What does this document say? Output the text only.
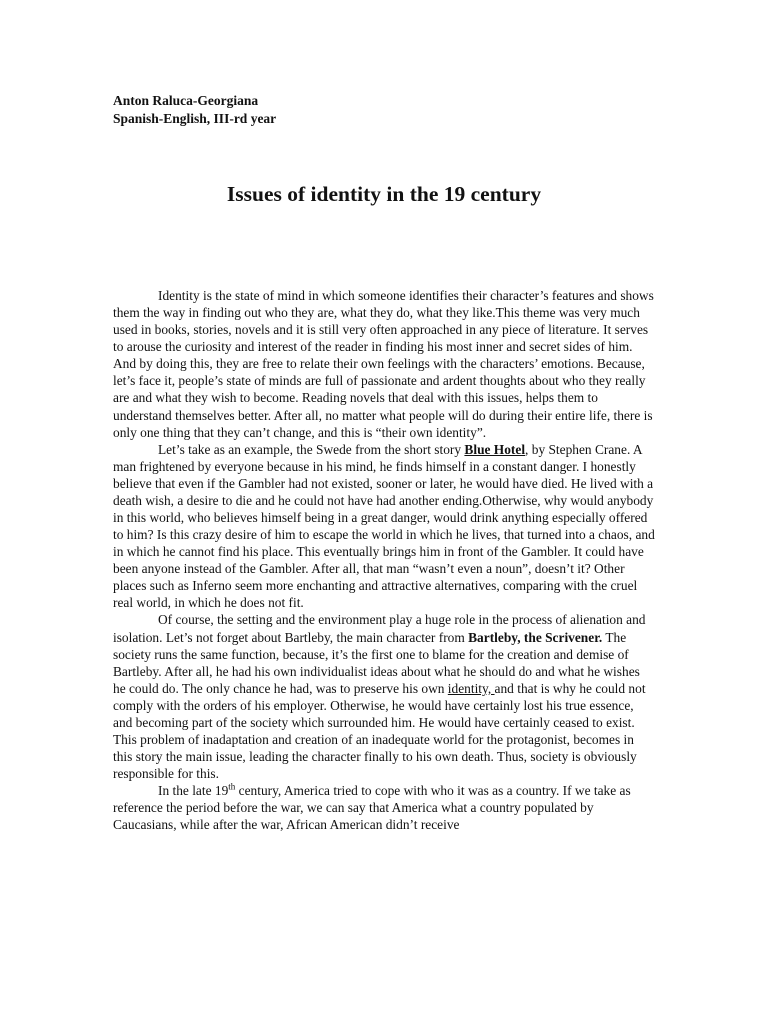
Anton Raluca-Georgiana
Spanish-English, III-rd year
Issues of identity in the 19 century

Identity is the state of mind in which someone identifies their character’s features and shows them the way in finding out who they are, what they do, what they like.This theme was very much used in books, stories, novels and it is still very often approached in any piece of literature. It serves to arouse the curiosity and interest of the reader in finding his most inner and secret sides of him. And by doing this, they are free to relate their own feelings with the characters’ emotions. Because, let’s face it, people’s state of minds are full of passionate and ardent thoughts about who they really are and what they wish to become. Reading novels that deal with this issues, helps them to understand themselves better. After all, no matter what people will do during their entire life, there is only one thing that they can’t change, and this is “their own identity”.

Let’s take as an example, the Swede from the short story Blue Hotel, by Stephen Crane. A man frightened by everyone because in his mind, he finds himself in a constant danger. I honestly believe that even if the Gambler had not existed, sooner or later, he would have died. He lived with a death wish, a desire to die and he could not have had another ending.Otherwise, why would anybody in this world, who believes himself being in a great danger, would drink anything especially offered to him? Is this crazy desire of him to escape the world in which he lives, that turned into a chaos, and in which he cannot find his place. This eventually brings him in front of the Gambler. It could have been anyone instead of the Gambler. After all, that man “wasn’t even a noun”, doesn’t it? Other places such as Inferno seem more enchanting and attractive alternatives, comparing with the cruel real world, in which he does not fit.

Of course, the setting and the environment play a huge role in the process of alienation and isolation. Let’s not forget about Bartleby, the main character from Bartleby, the Scrivener. The society runs the same function, because, it’s the first one to blame for the creation and demise of Bartleby. After all, he had his own individualist ideas about what he should do and what he wishes he could do. The only chance he had, was to preserve his own identity, and that is why he could not comply with the orders of his employer. Otherwise, he would have certainly lost his true essence, and becoming part of the society which surrounded him. He would have certainly ceased to exist. This problem of inadaptation and creation of an inadequate world for the protagonist, becomes in this story the main issue, leading the character finally to his own death. Thus, society is obviously responsible for this.

In the late 19th century, America tried to cope with who it was as a country. If we take as reference the period before the war, we can say that America what a country populated by Caucasians, while after the war, African American didn’t receive
